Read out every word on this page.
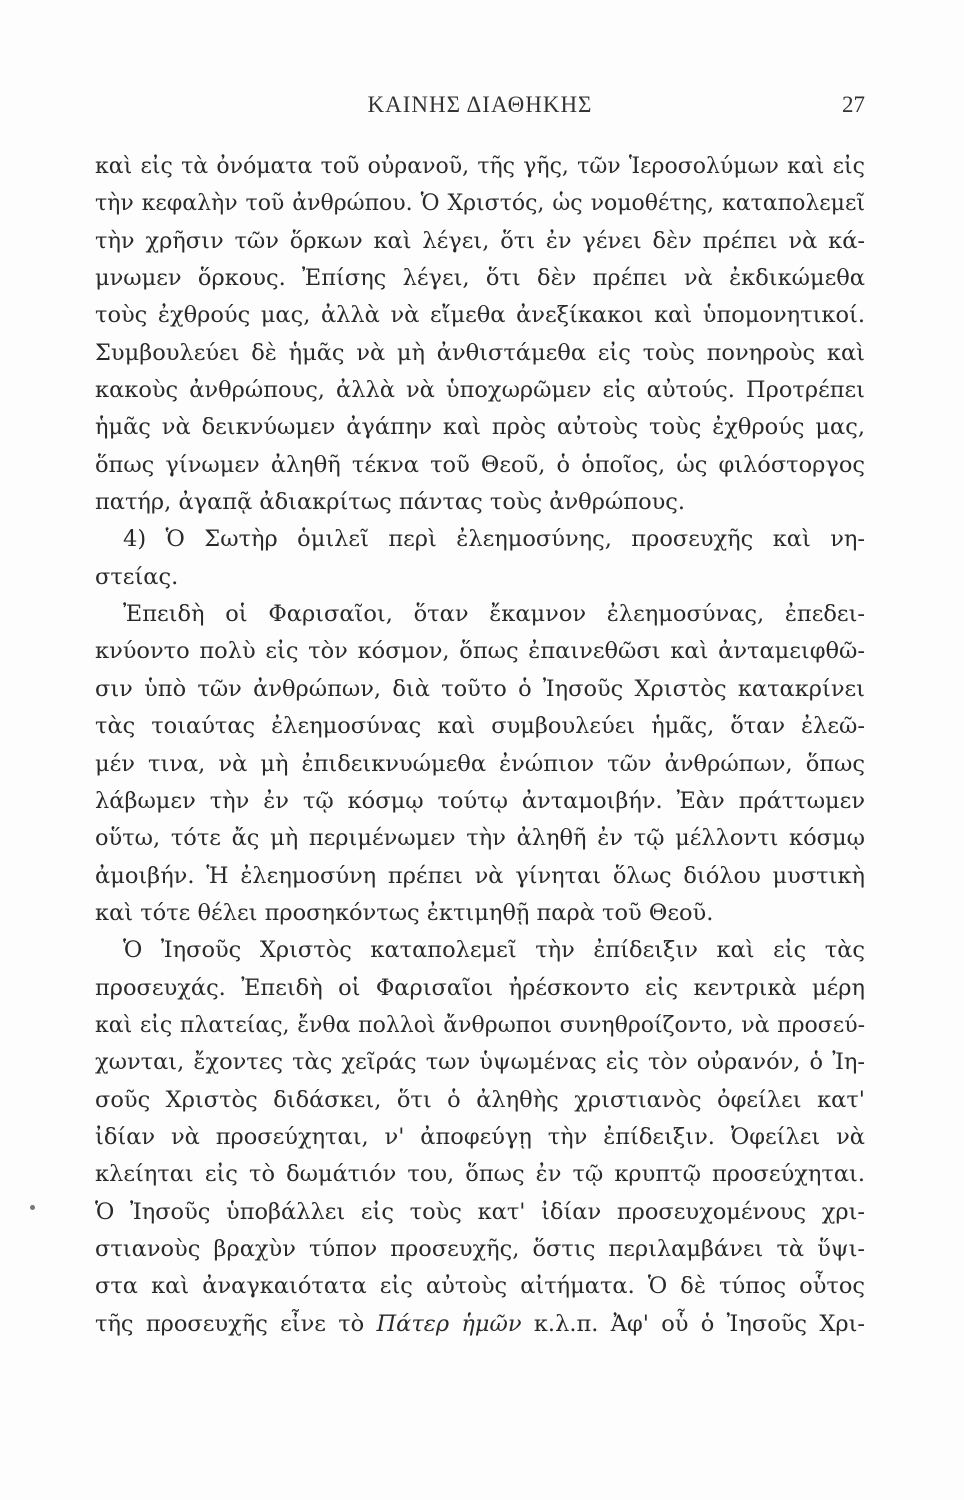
ΚΑΙΝΗΣ ΔΙΑΘΗΚΗΣ	27
καὶ εἰς τὰ ὀνόματα τοῦ οὐρανοῦ, τῆς γῆς, τῶν Ἱεροσολύμων καὶ εἰς
τὴν κεφαλὴν τοῦ ἀνθρώπου. Ὁ Χριστός, ὡς νομοθέτης, καταπολεμεῖ
τὴν χρῆσιν τῶν ὅρκων καὶ λέγει, ὅτι ἐν γένει δὲν πρέπει νὰ κά-
μνωμεν ὅρκους. Ἐπίσης λέγει, ὅτι δὲν πρέπει νὰ ἐκδικώμεθα
τοὺς ἐχθρούς μας, ἀλλὰ νὰ εἴμεθα ἀνεξίκακοι καὶ ὑπομονητικοί.
Συμβουλεύει δὲ ἡμᾶς νὰ μὴ ἀνθιστάμεθα εἰς τοὺς πονηροὺς καὶ
κακοὺς ἀνθρώπους, ἀλλὰ νὰ ὑποχωρῶμεν εἰς αὐτούς. Προτρέπει
ἡμᾶς νὰ δεικνύωμεν ἀγάπην καὶ πρὸς αὐτοὺς τοὺς ἐχθρούς μας,
ὅπως γίνωμεν ἀληθῆ τέκνα τοῦ Θεοῦ, ὁ ὁποῖος, ὡς φιλόστοργος
πατήρ, ἀγαπᾷ ἀδιακρίτως πάντας τοὺς ἀνθρώπους.
4) Ὁ Σωτὴρ ὁμιλεῖ περὶ ἐλεημοσύνης, προσευχῆς καὶ νη-
στείας.
Ἐπειδὴ οἱ Φαρισαῖοι, ὅταν ἔκαμνον ἐλεημοσύνας, ἐπεδει-
κνύοντο πολὺ εἰς τὸν κόσμον, ὅπως ἐπαινεθῶσι καὶ ἀνταμειφθῶ-
σιν ὑπὸ τῶν ἀνθρώπων, διὰ τοῦτο ὁ Ἰησοῦς Χριστὸς κατακρίνει
τὰς τοιαύτας ἐλεημοσύνας καὶ συμβουλεύει ἡμᾶς, ὅταν ἐλεῶ-
μέν τινα, νὰ μὴ ἐπιδεικνυώμεθα ἐνώπιον τῶν ἀνθρώπων, ὅπως
λάβωμεν τὴν ἐν τῷ κόσμῳ τούτῳ ἀνταμοιβήν. Ἐὰν πράττωμεν
οὕτω, τότε ἄς μὴ περιμένωμεν τὴν ἀληθῆ ἐν τῷ μέλλοντι κόσμῳ
ἀμοιβήν. Ἡ ἐλεημοσύνη πρέπει νὰ γίνηται ὅλως διόλου μυστικὴ
καὶ τότε θέλει προσηκόντως ἐκτιμηθῇ παρὰ τοῦ Θεοῦ.
Ὁ Ἰησοῦς Χριστὸς καταπολεμεῖ τὴν ἐπίδειξιν καὶ εἰς τὰς
προσευχάς. Ἐπειδὴ οἱ Φαρισαῖοι ἠρέσκοντο εἰς κεντρικὰ μέρη
καὶ εἰς πλατείας, ἔνθα πολλοὶ ἄνθρωποι συνηθροίζοντο, νὰ προσεύ-
χωνται, ἔχοντες τὰς χεῖράς των ὑψωμένας εἰς τὸν οὐρανόν, ὁ Ἰη-
σοῦς Χριστὸς διδάσκει, ὅτι ὁ ἀληθὴς χριστιανὸς ὀφείλει κατ'
ἰδίαν νὰ προσεύχηται, ν' ἀποφεύγῃ τὴν ἐπίδειξιν. Ὀφείλει νὰ
κλείηται εἰς τὸ δωμάτιόν του, ὅπως ἐν τῷ κρυπτῷ προσεύχηται.
Ὁ Ἰησοῦς ὑποβάλλει εἰς τοὺς κατ' ἰδίαν προσευχομένους χρι-
στιανοὺς βραχὺν τύπον προσευχῆς, ὅστις περιλαμβάνει τὰ ὕψι-
στα καὶ ἀναγκαιότατα εἰς αὐτοὺς αἰτήματα. Ὁ δὲ τύπος οὗτος
τῆς προσευχῆς εἶνε τὸ Πάτερ ἡμῶν κ.λ.π. Ἀφ' οὗ ὁ Ἰησοῦς Χρι-
